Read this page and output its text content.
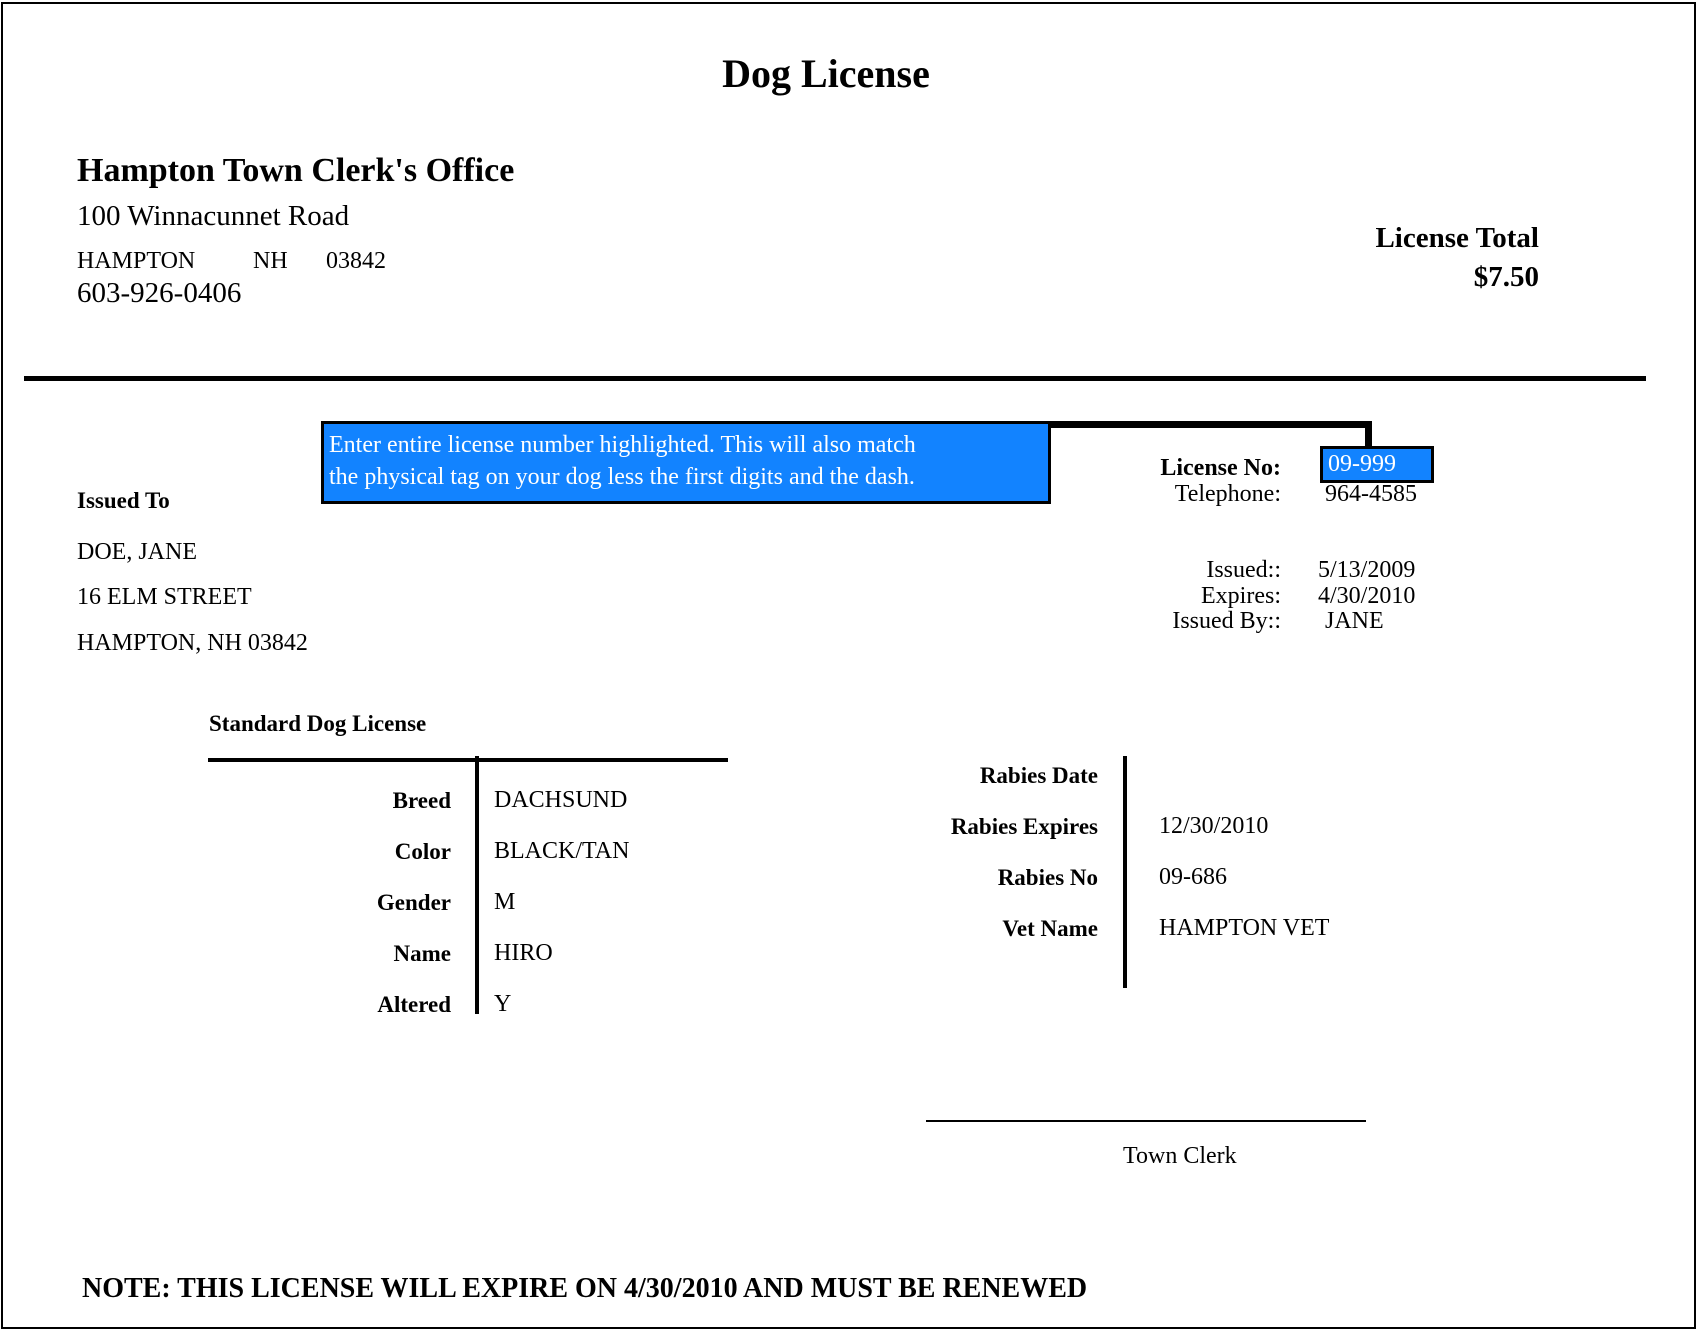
Dog License
Hampton Town Clerk's Office
100 Winnacunnet Road
HAMPTON NH 03842
603-926-0406
License Total
$7.50
Enter entire license number highlighted. This will also match
the physical tag on your dog less the first digits and the dash.	License No:	09-999
Telephone: 964-4585
Issued:: 5/13/2009
Expires: 4/30/2010
Issued By:: JANE
Issued To
DOE, JANE
16 ELM STREET
HAMPTON, NH 03842
Standard Dog License
Breed DACHSUND
Color BLACK/TAN
Gender M
Name HIRO
Altered Y
Rabies Date
Rabies Expires	12/30/2010
Rabies No	09-686
Vet Name	HAMPTON VET
Town Clerk
NOTE: THIS LICENSE WILL EXPIRE ON 4/30/2010 AND MUST BE RENEWED
